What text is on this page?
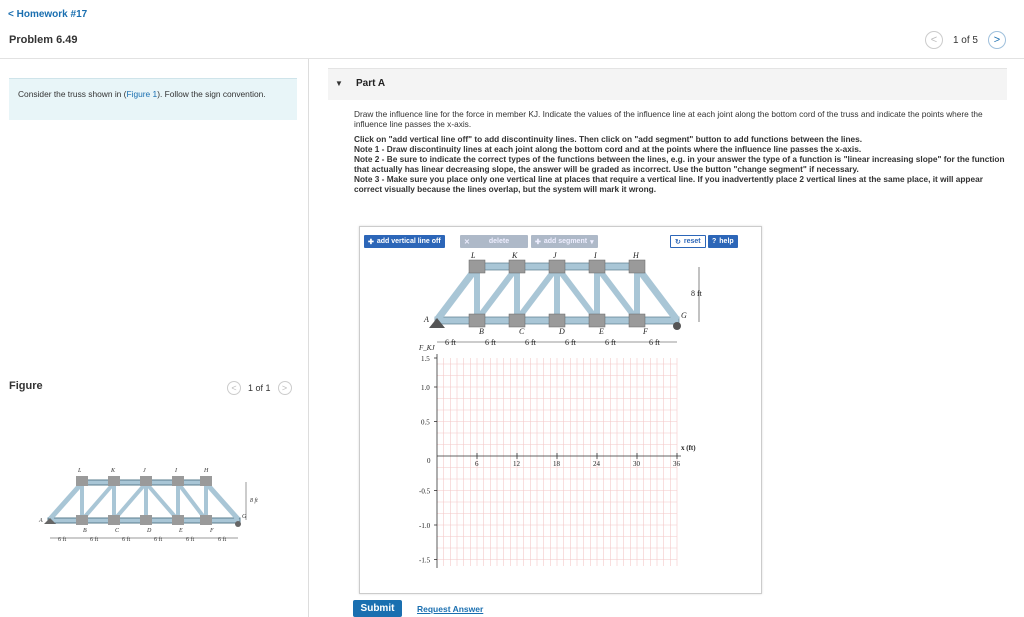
< Homework #17
Problem 6.49	<	1 of 5	>
Consider the truss shown in (Figure 1). Follow the sign convention.
Figure	<	1 of 1	>
L	K	J	I	H
B	C	D	E	F
A
G
8 ft
6 ft	6 ft	6 ft	6 ft	6 ft	6 ft
▼ Part A

Draw the influence line for the force in member KJ. Indicate the values of the influence line at each joint along the bottom cord of the truss and indicate the points where the influence line passes the x-axis.

Click on "add vertical line off" to add discontinuity lines. Then click on "add segment" button to add functions between the lines.

Note 1 - Draw discontinuity lines at each joint along the bottom cord and at the points where the influence line passes the x-axis.

Note 2 - Be sure to indicate the correct types of the functions between the lines, e.g. in your answer the type of a function is "linear increasing slope" for the function that actually has linear decreasing slope, the answer will be graded as incorrect. Use the button "change segment" if necessary.

Note 3 - Make sure you place only one vertical line at places that require a vertical line. If you inadvertently place 2 vertical lines at the same place, it will appear correct visually because the lines overlap, but the system will mark it wrong.

✚ add vertical line off	✕	delete	✚ add segment ▾	↻ reset ? help
L	K	J	I	H
B	C	D	E	F
A	G
8 ft
6 ft	6 ft	6 ft	6 ft	6 ft	6 ft
F_KJ
1.5
1.0
0.5
0
-0.5
-1.0
-1.5
6	12	18	24	30	36
x (ft)
Submit	Request Answer
